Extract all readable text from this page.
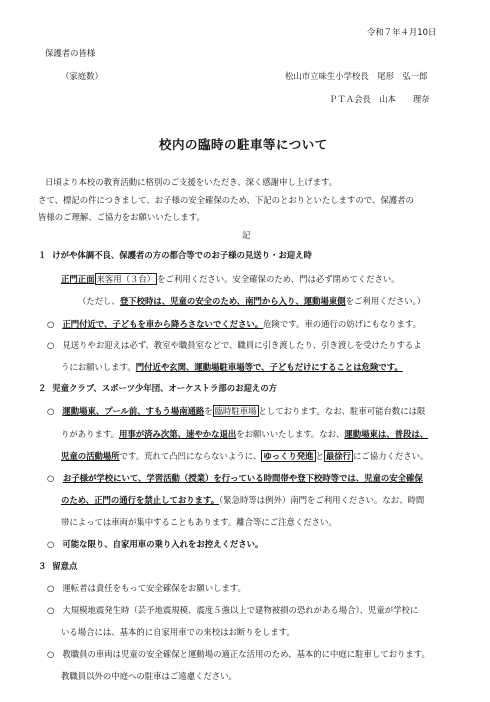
令和７年４月10日
保護者の皆様
（家庭数）	松山市立味生小学校長　尾形　弘一郎
ＰＴＡ会長　山本　　理奈
校内の臨時の駐車等について
日頃より本校の教育活動に格別のご支援をいただき、深く感謝申し上げます。
さて、標記の件につきまして、お子様の安全確保のため、下記のとおりといたしますので、保護者の
皆様のご理解、ご協力をお願いいたします。
記
１ けがや体調不良、保護者の方の都合等でのお子様の見送り・お迎え時
正門正面 来客用（３台） をご利用ください。安全確保のため、門は必ず閉めてください。
（ただし、登下校時は、児童の安全のため、南門から入り、運動場東側をご利用ください。）
○ 正門付近で、子どもを車から降ろさないでください。危険です。車の通行の妨げにもなります。
○ 見送りやお迎えは必ず、教室や職員室などで、職員に引き渡したり、引き渡しを受けたりするよ
うにお願いします。門付近や玄関、運動場駐車場等で、子どもだけにすることは危険です。
２ 児童クラブ、スポーツ少年団、オーケストラ部のお迎えの方
○ 運動場東、プール前、すもう場南通路を 臨時駐車場 としております。なお、駐車可能台数には限
りがあります。用事が済み次第、速やかな退出をお願いいたします。なお、運動場東は、普段は、
児童の活動場所です。荒れて凸凹にならないように、 ゆっくり発進 と 最徐行 にご協力ください。
○ お子様が学校にいて、学習活動（授業）を行っている時間帯や登下校時等では、児童の安全確保
のため、正門の通行を禁止しております。（緊急時等は例外）南門をご利用ください。なお、時間
帯によっては車両が集中することもあります。離合等にご注意ください。
○ 可能な限り、自家用車の乗り入れをお控えください。
３ 留意点
○ 運転者は責任をもって安全確保をお願いします。
○ 大規模地震発生時（芸予地震規模、震度５強以上で建物被損の恐れがある場合）、児童が学校に
いる場合には、基本的に自家用車での来校はお断りをします。
○ 教職員の車両は児童の安全確保と運動場の適正な活用のため、基本的に中庭に駐車しております。
教職員以外の中庭への駐車はご遠慮ください。
